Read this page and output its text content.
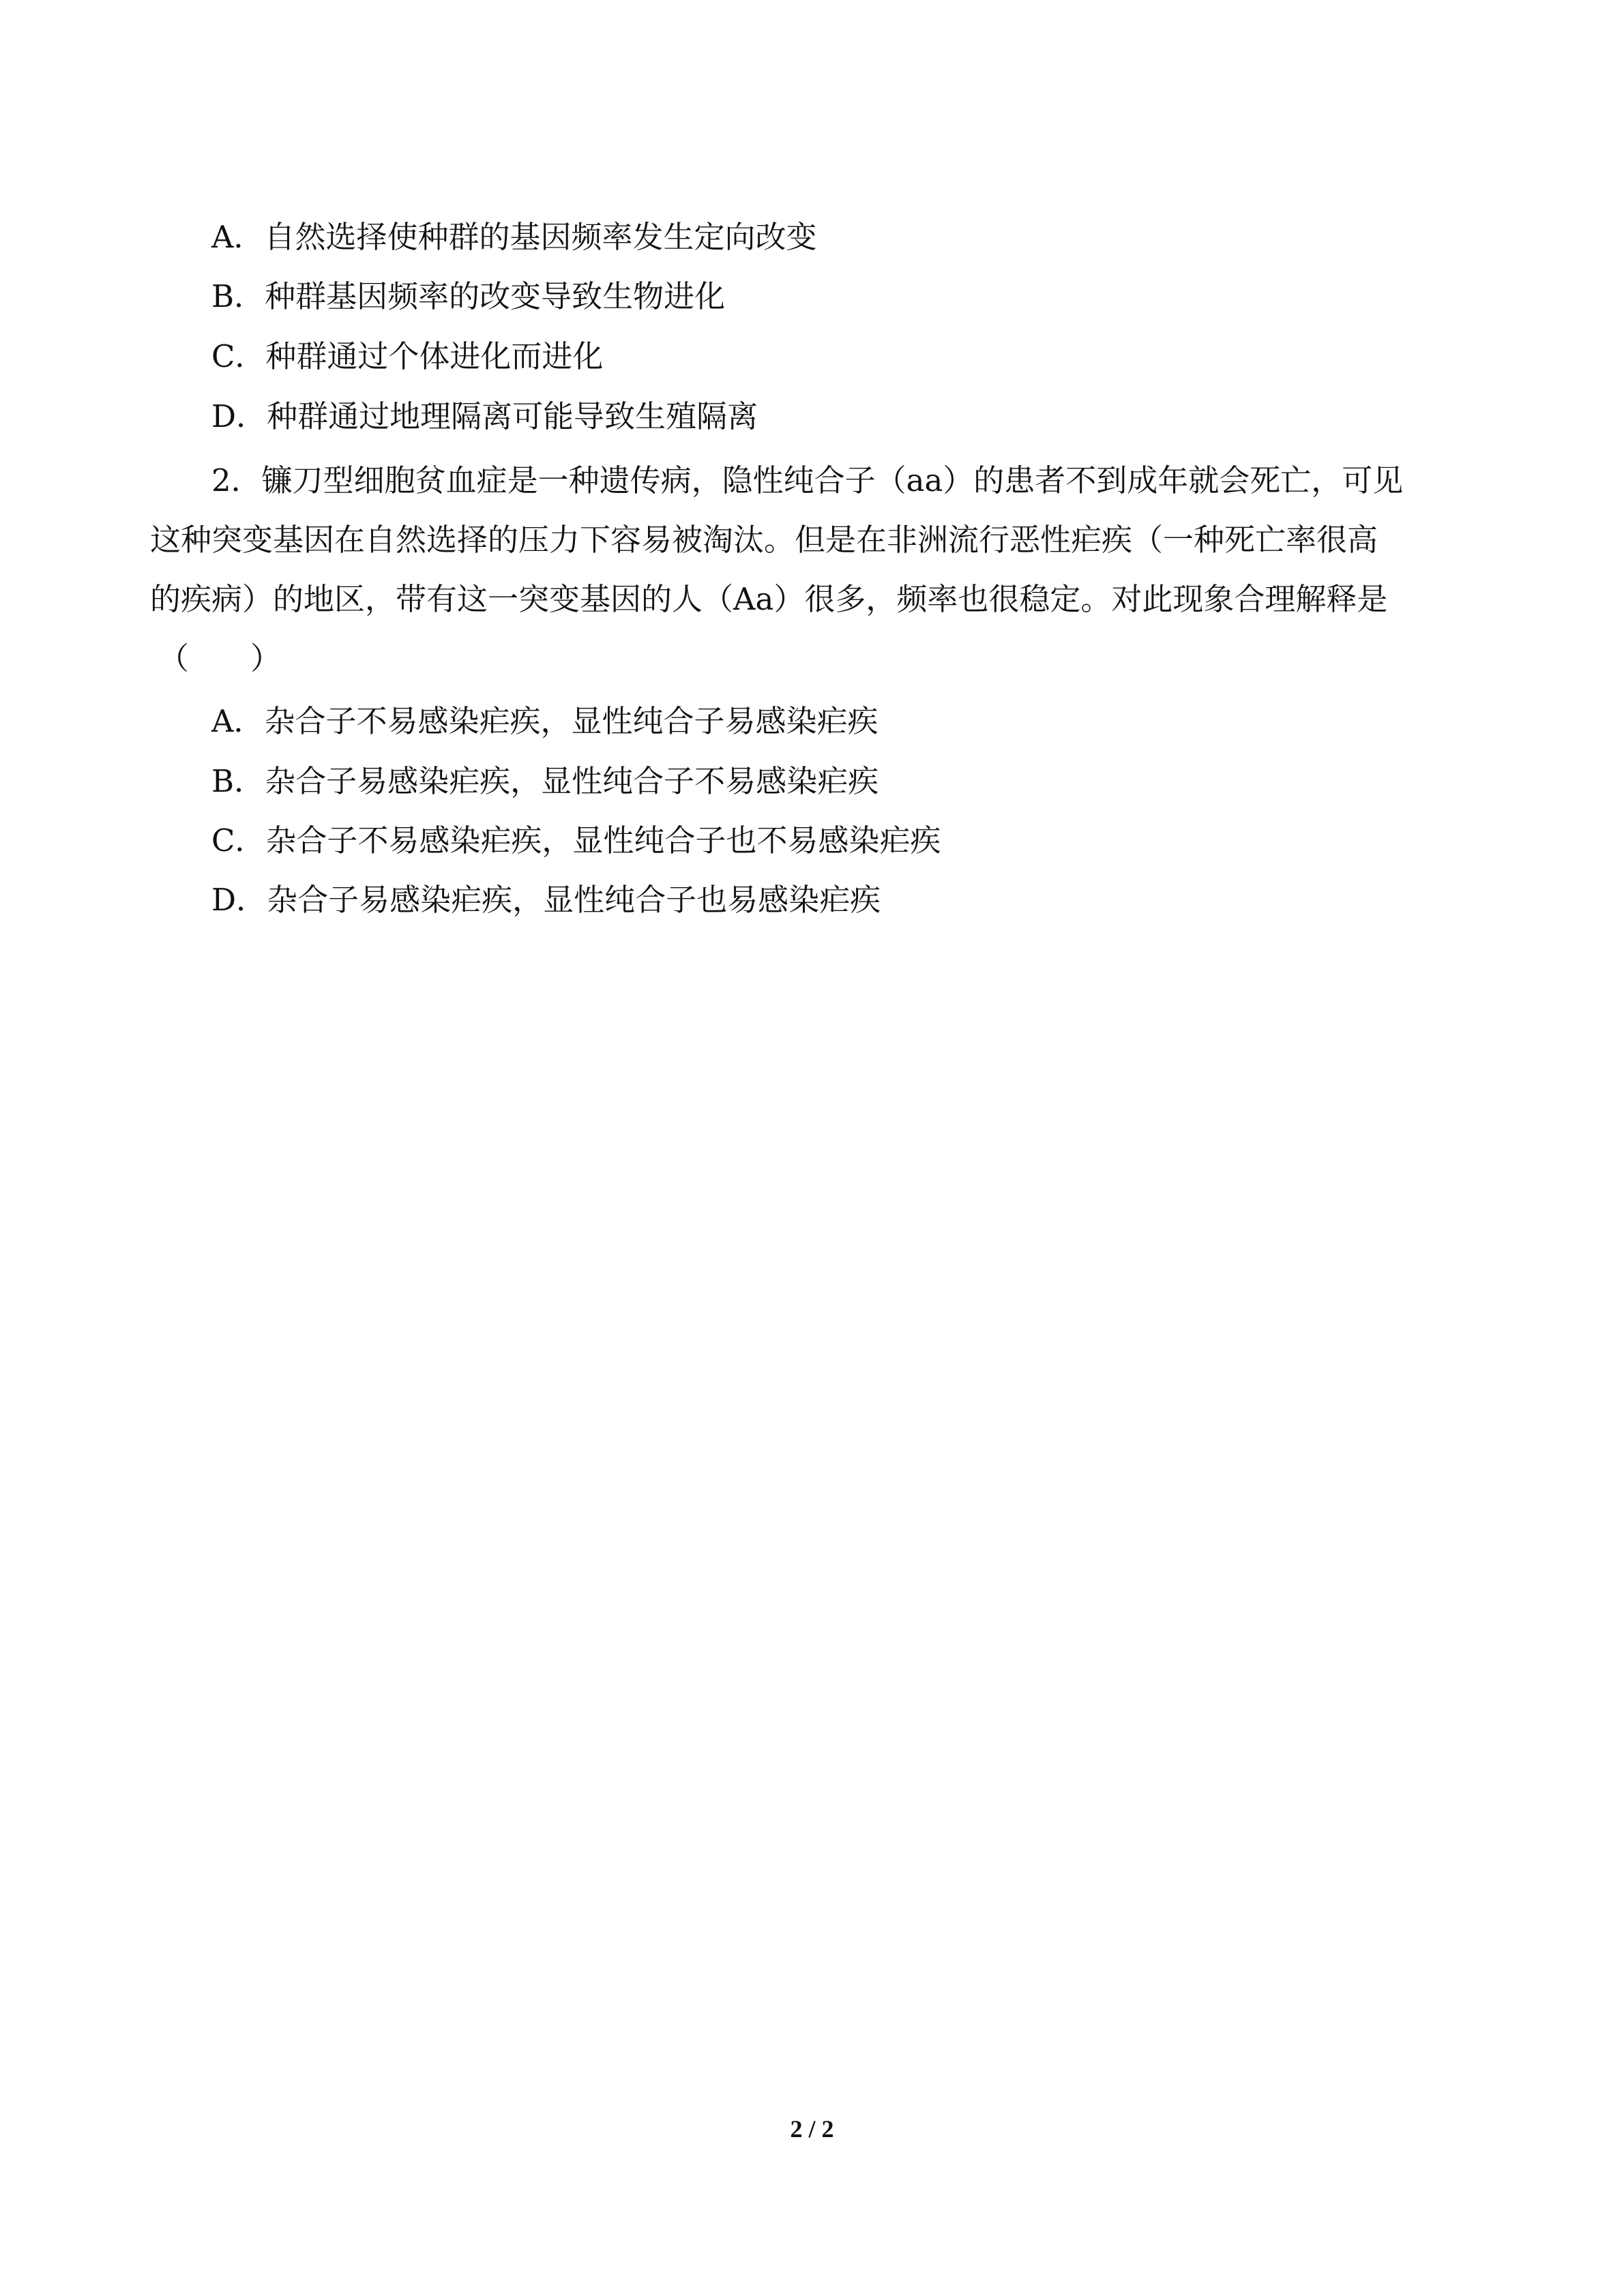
A．自然选择使种群的基因频率发生定向改变
B．种群基因频率的改变导致生物进化
C．种群通过个体进化而进化
D．种群通过地理隔离可能导致生殖隔离
2．镰刀型细胞贫血症是一种遗传病，隐性纯合子（aa）的患者不到成年就会死亡，可见
这种突变基因在自然选择的压力下容易被淘汰。但是在非洲流行恶性疟疾（一种死亡率很高
的疾病）的地区，带有这一突变基因的人（Aa）很多，频率也很稳定。对此现象合理解释是
（　　）
A．杂合子不易感染疟疾，显性纯合子易感染疟疾
B．杂合子易感染疟疾，显性纯合子不易感染疟疾
C．杂合子不易感染疟疾，显性纯合子也不易感染疟疾
D．杂合子易感染疟疾，显性纯合子也易感染疟疾
2 / 2
